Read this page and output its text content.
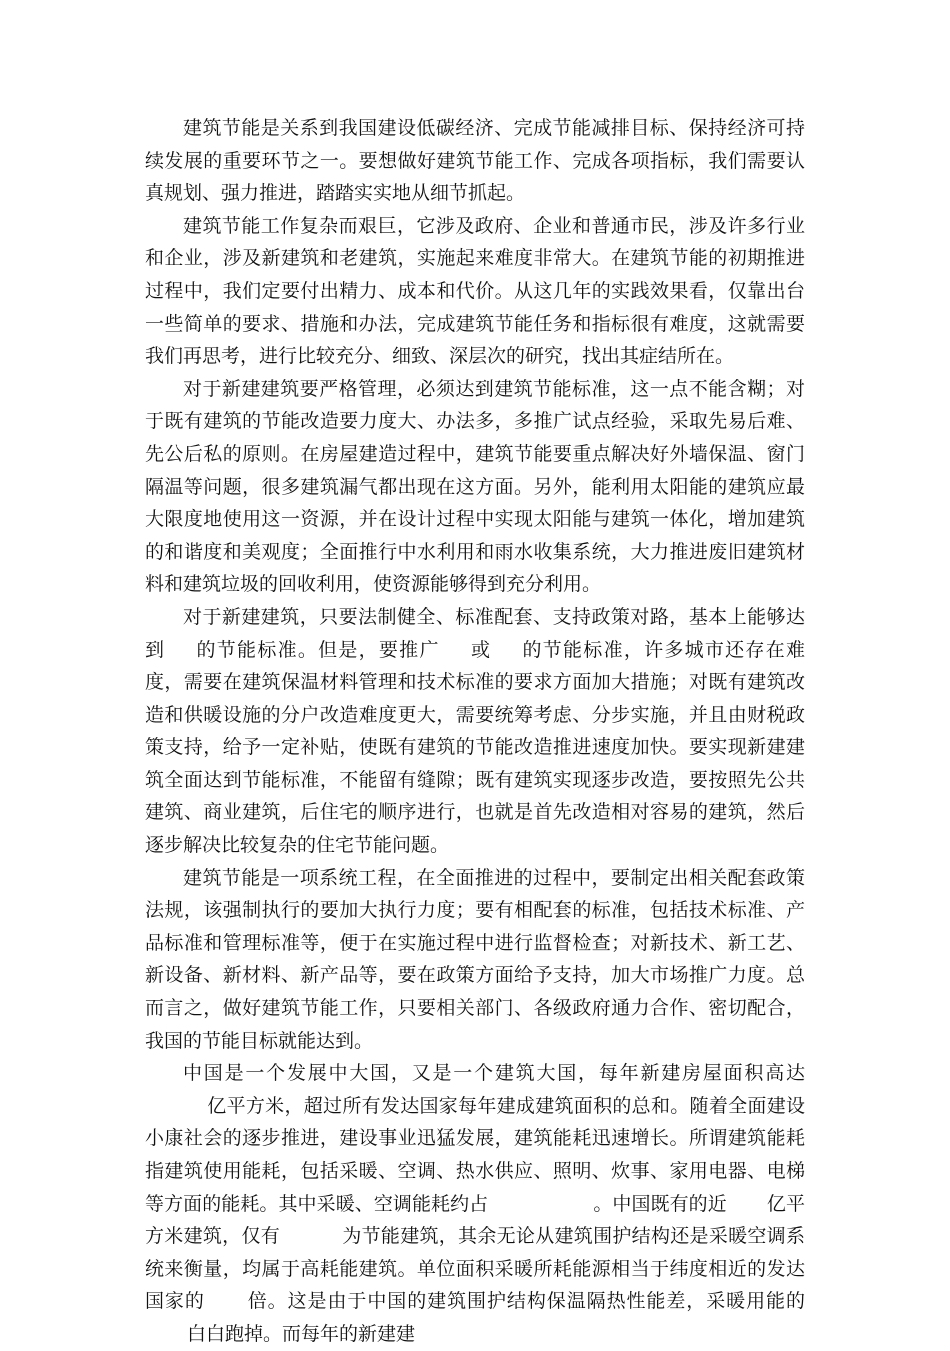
建筑节能是关系到我国建设低碳经济、完成节能减排目标、保持经济可持续发展的重要环节之一。要想做好建筑节能工作、完成各项指标，我们需要认真规划、强力推进，踏踏实实地从细节抓起。

建筑节能工作复杂而艰巨，它涉及政府、企业和普通市民，涉及许多行业和企业，涉及新建筑和老建筑，实施起来难度非常大。在建筑节能的初期推进过程中，我们定要付出精力、成本和代价。从这几年的实践效果看，仅靠出台一些简单的要求、措施和办法，完成建筑节能任务和指标很有难度，这就需要我们再思考，进行比较充分、细致、深层次的研究，找出其症结所在。

对于新建建筑要严格管理，必须达到建筑节能标准，这一点不能含糊；对于既有建筑的节能改造要力度大、办法多，多推广试点经验，采取先易后难、先公后私的原则。在房屋建造过程中，建筑节能要重点解决好外墙保温、窗门隔温等问题，很多建筑漏气都出现在这方面。另外，能利用太阳能的建筑应最大限度地使用这一资源，并在设计过程中实现太阳能与建筑一体化，增加建筑的和谐度和美观度；全面推行中水利用和雨水收集系统，大力推进废旧建筑材料和建筑垃圾的回收利用，使资源能够得到充分利用。

对于新建建筑，只要法制健全、标准配套、支持政策对路，基本上能够达到 的节能标准。但是，要推广 或 的节能标准，许多城市还存在难度，需要在建筑保温材料管理和技术标准的要求方面加大措施；对既有建筑改造和供暖设施的分户改造难度更大，需要统筹考虑、分步实施，并且由财税政策支持，给予一定补贴，使既有建筑的节能改造推进速度加快。要实现新建建筑全面达到节能标准，不能留有缝隙；既有建筑实现逐步改造，要按照先公共建筑、商业建筑，后住宅的顺序进行，也就是首先改造相对容易的建筑，然后逐步解决比较复杂的住宅节能问题。

建筑节能是一项系统工程，在全面推进的过程中，要制定出相关配套政策法规，该强制执行的要加大执行力度；要有相配套的标准，包括技术标准、产品标准和管理标准等，便于在实施过程中进行监督检查；对新技术、新工艺、新设备、新材料、新产品等，要在政策方面给予支持，加大市场推广力度。总而言之，做好建筑节能工作，只要相关部门、各级政府通力合作、密切配合，我国的节能目标就能达到。

中国是一个发展中大国，又是一个建筑大国，每年新建房屋面积高达亿平方米，超过所有发达国家每年建成建筑面积的总和。随着全面建设小康社会的逐步推进，建设事业迅猛发展，建筑能耗迅速增长。所谓建筑能耗指建筑使用能耗，包括采暖、空调、热水供应、照明、炊事、家用电器、电梯等方面的能耗。其中采暖、空调能耗约占	。中国既有的近 亿平方米建筑，仅有	为节能建筑，其余无论从建筑围护结构还是采暖空调系统来衡量，均属于高耗能建筑。单位面积采暖所耗能源相当于纬度相近的发达国家的 倍。这是由于中国的建筑围护结构保温隔热性能差，采暖用能的白白跑掉。而每年的新建建
